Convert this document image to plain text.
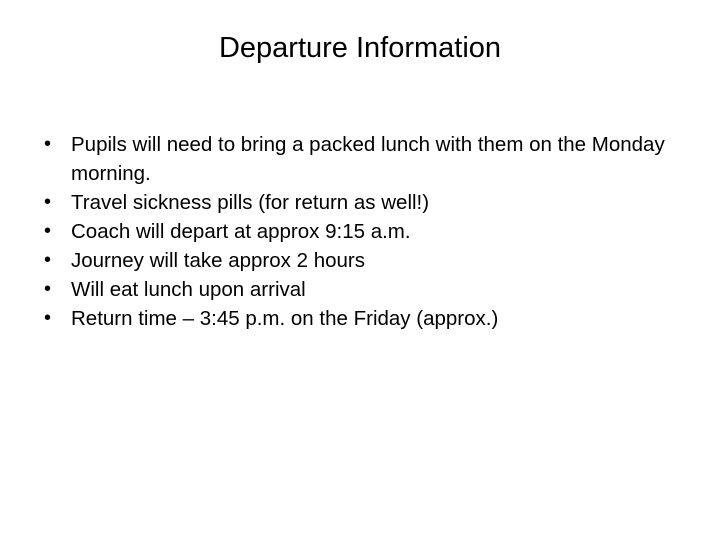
Departure Information
• Pupils will need to bring a packed lunch with them on the Monday morning.
• Travel sickness pills (for return as well!)
• Coach will depart at approx 9:15 a.m.
• Journey will take approx 2 hours
• Will eat lunch upon arrival
• Return time – 3:45 p.m. on the Friday (approx.)
